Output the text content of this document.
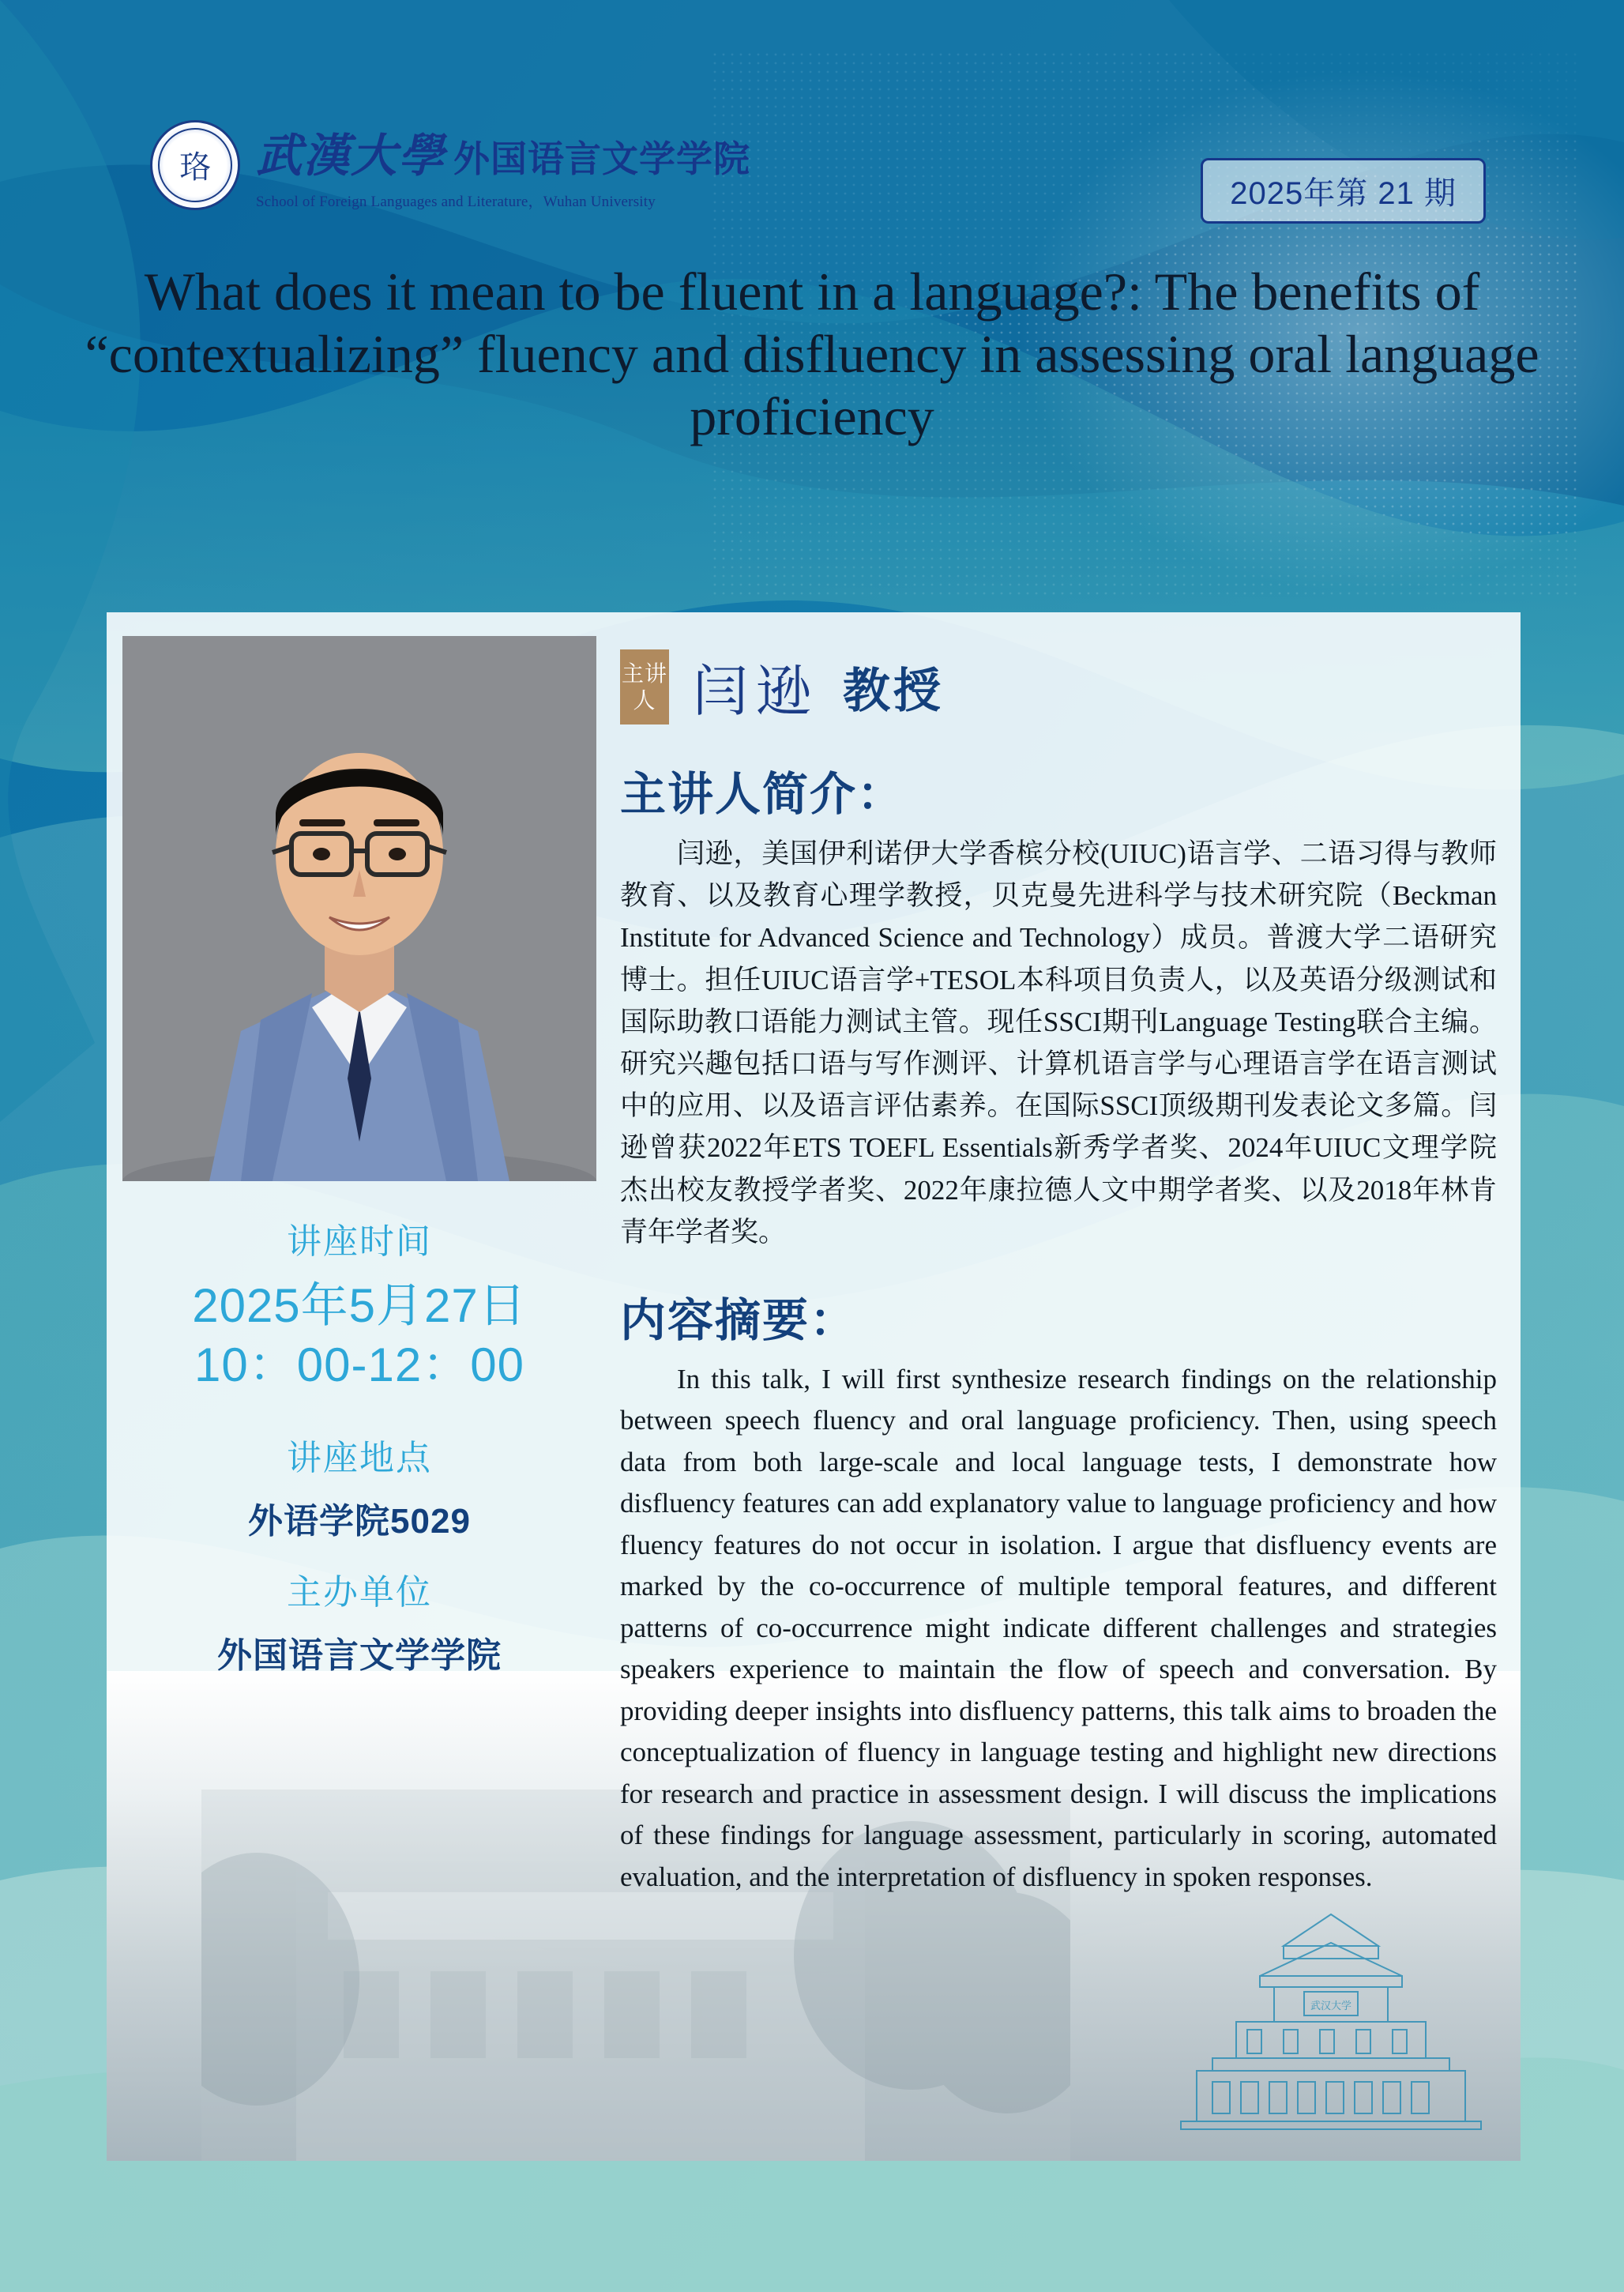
珞 武漢大學 外国语言文学学院
School of Foreign Languages and Literature，Wuhan University	2025年第 21 期
What does it mean to be fluent in a language?: The benefits of “contextualizing” fluency and disfluency in assessing oral language proficiency
武汉大学
讲座时间
2025年5月27日
10：00-12：00
讲座地点
外语学院5029
主办单位
外国语言文学学院
主讲人 闫逊 教授
主讲人简介：
闫逊，美国伊利诺伊大学香槟分校(UIUC)语言学、二语习得与教师教育、以及教育心理学教授，贝克曼先进科学与技术研究院（Beckman Institute for Advanced Science and Technology）成员。普渡大学二语研究博士。担任UIUC语言学+TESOL本科项目负责人，以及英语分级测试和国际助教口语能力测试主管。现任SSCI期刊Language Testing联合主编。研究兴趣包括口语与写作测评、计算机语言学与心理语言学在语言测试中的应用、以及语言评估素养。在国际SSCI顶级期刊发表论文多篇。闫逊曾获2022年ETS TOEFL Essentials新秀学者奖、2024年UIUC文理学院杰出校友教授学者奖、2022年康拉德人文中期学者奖、以及2018年林肯青年学者奖。
内容摘要：
In this talk, I will first synthesize research findings on the relationship between speech fluency and oral language proficiency. Then, using speech data from both large-scale and local language tests, I demonstrate how disfluency features can add explanatory value to language proficiency and how fluency features do not occur in isolation. I argue that disfluency events are marked by the co-occurrence of multiple temporal features, and different patterns of co-occurrence might indicate different challenges and strategies speakers experience to maintain the flow of speech and conversation. By providing deeper insights into disfluency patterns, this talk aims to broaden the conceptualization of fluency in language testing and highlight new directions for research and practice in assessment design. I will discuss the implications of these findings for language assessment, particularly in scoring, automated evaluation, and the interpretation of disfluency in spoken responses.
